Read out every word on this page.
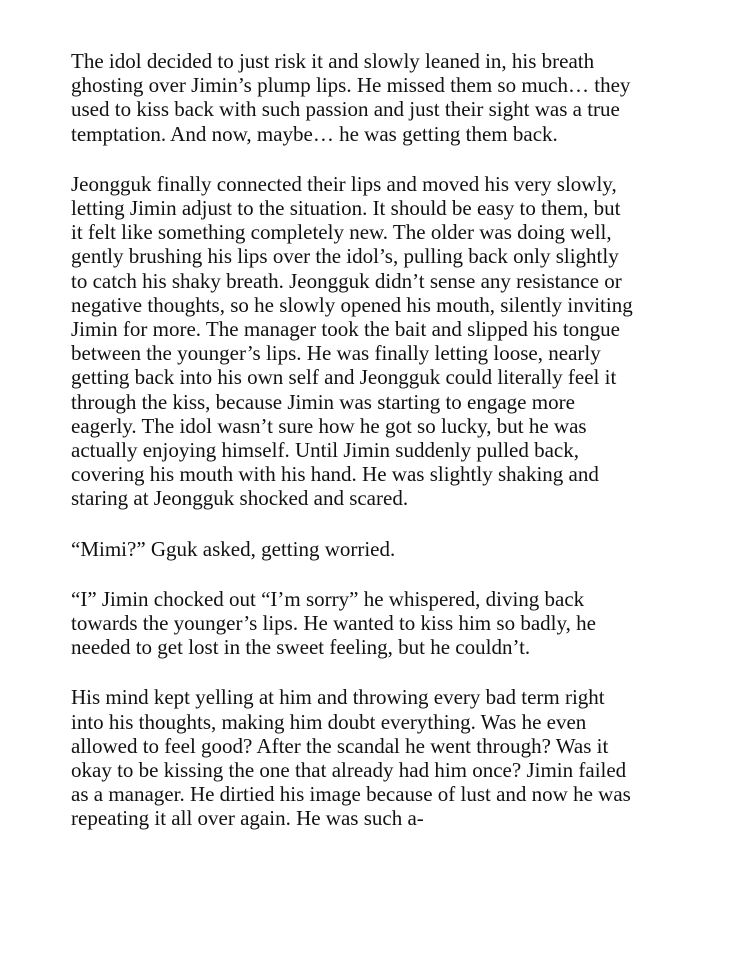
The idol decided to just risk it and slowly leaned in, his breath
ghosting over Jimin’s plump lips. He missed them so much… they
used to kiss back with such passion and just their sight was a true
temptation. And now, maybe… he was getting them back.

Jeongguk finally connected their lips and moved his very slowly,
letting Jimin adjust to the situation. It should be easy to them, but
it felt like something completely new. The older was doing well,
gently brushing his lips over the idol’s, pulling back only slightly
to catch his shaky breath. Jeongguk didn’t sense any resistance or
negative thoughts, so he slowly opened his mouth, silently inviting
Jimin for more. The manager took the bait and slipped his tongue
between the younger’s lips. He was finally letting loose, nearly
getting back into his own self and Jeongguk could literally feel it
through the kiss, because Jimin was starting to engage more
eagerly. The idol wasn’t sure how he got so lucky, but he was
actually enjoying himself. Until Jimin suddenly pulled back,
covering his mouth with his hand. He was slightly shaking and
staring at Jeongguk shocked and scared.

“Mimi?” Gguk asked, getting worried.

“I” Jimin chocked out “I’m sorry” he whispered, diving back
towards the younger’s lips. He wanted to kiss him so badly, he
needed to get lost in the sweet feeling, but he couldn’t.

His mind kept yelling at him and throwing every bad term right
into his thoughts, making him doubt everything. Was he even
allowed to feel good? After the scandal he went through? Was it
okay to be kissing the one that already had him once? Jimin failed
as a manager. He dirtied his image because of lust and now he was
repeating it all over again. He was such a-
